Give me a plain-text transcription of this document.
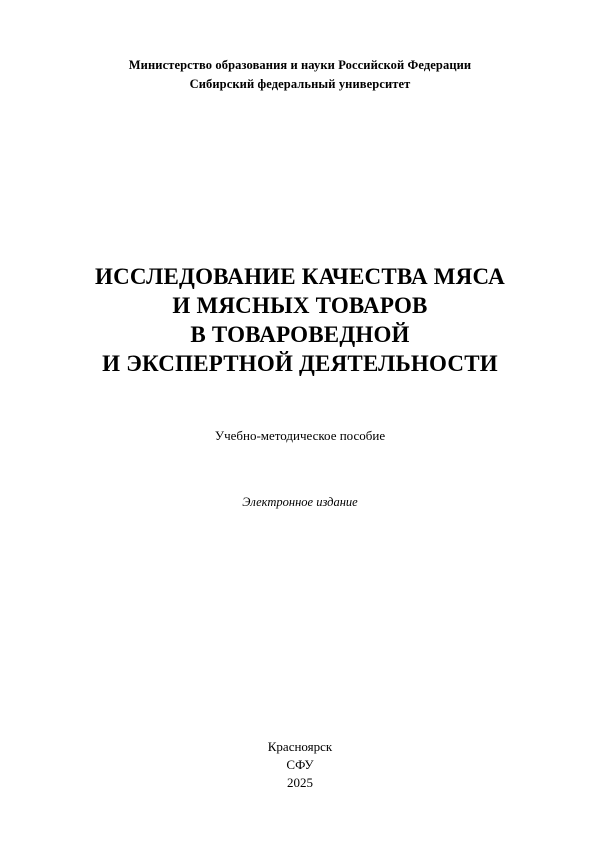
Министерство образования и науки Российской Федерации
Сибирский федеральный университет
ИССЛЕДОВАНИЕ КАЧЕСТВА МЯСА
И МЯСНЫХ ТОВАРОВ
В ТОВАРОВЕДНОЙ
И ЭКСПЕРТНОЙ ДЕЯТЕЛЬНОСТИ
Учебно-методическое пособие
Электронное издание
Красноярск
СФУ
2025
